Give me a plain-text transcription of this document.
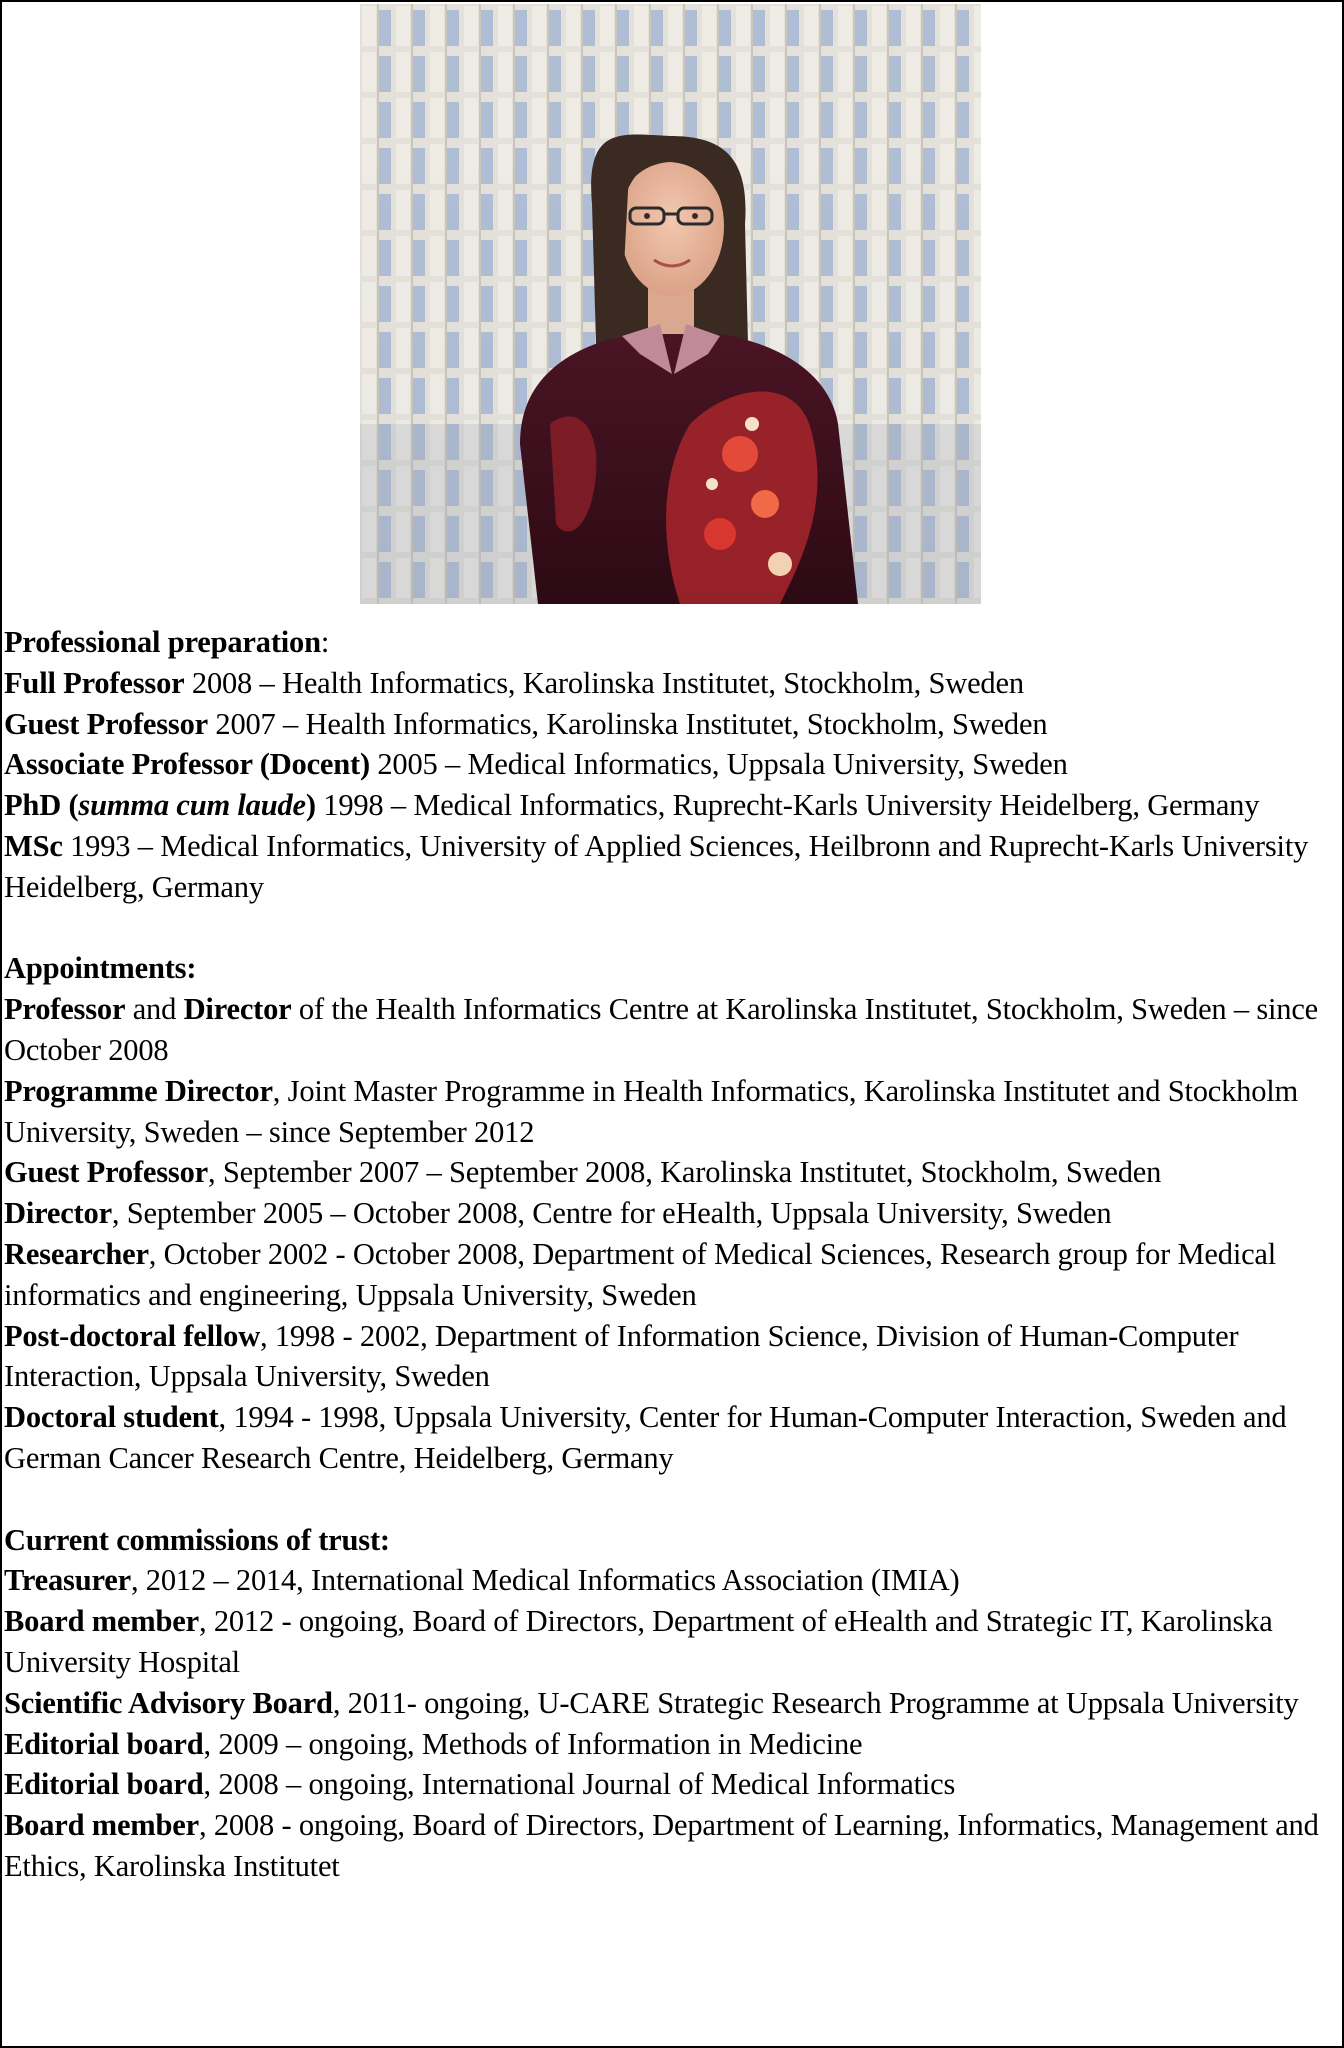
Professional preparation:
Full Professor 2008 – Health Informatics, Karolinska Institutet, Stockholm, Sweden
Guest Professor 2007 – Health Informatics, Karolinska Institutet, Stockholm, Sweden
Associate Professor (Docent) 2005 – Medical Informatics, Uppsala University, Sweden
PhD (summa cum laude) 1998 – Medical Informatics, Ruprecht-Karls University Heidelberg, Germany
MSc 1993 – Medical Informatics, University of Applied Sciences, Heilbronn and Ruprecht-Karls University Heidelberg, Germany
Appointments:
Professor and Director of the Health Informatics Centre at Karolinska Institutet, Stockholm, Sweden – since October 2008
Programme Director, Joint Master Programme in Health Informatics, Karolinska Institutet and Stockholm University, Sweden – since September 2012
Guest Professor, September 2007 – September 2008, Karolinska Institutet, Stockholm, Sweden
Director, September 2005 – October 2008, Centre for eHealth, Uppsala University, Sweden
Researcher, October 2002 - October 2008, Department of Medical Sciences, Research group for Medical informatics and engineering, Uppsala University, Sweden
Post-doctoral fellow, 1998 - 2002, Department of Information Science, Division of Human-Computer Interaction, Uppsala University, Sweden
Doctoral student, 1994 - 1998, Uppsala University, Center for Human-Computer Interaction, Sweden and German Cancer Research Centre, Heidelberg, Germany
Current commissions of trust:
Treasurer, 2012 – 2014, International Medical Informatics Association (IMIA)
Board member, 2012 - ongoing, Board of Directors, Department of eHealth and Strategic IT, Karolinska University Hospital
Scientific Advisory Board, 2011- ongoing, U-CARE Strategic Research Programme at Uppsala University
Editorial board, 2009 – ongoing, Methods of Information in Medicine
Editorial board, 2008 – ongoing, International Journal of Medical Informatics
Board member, 2008 - ongoing, Board of Directors, Department of Learning, Informatics, Management and Ethics, Karolinska Institutet
